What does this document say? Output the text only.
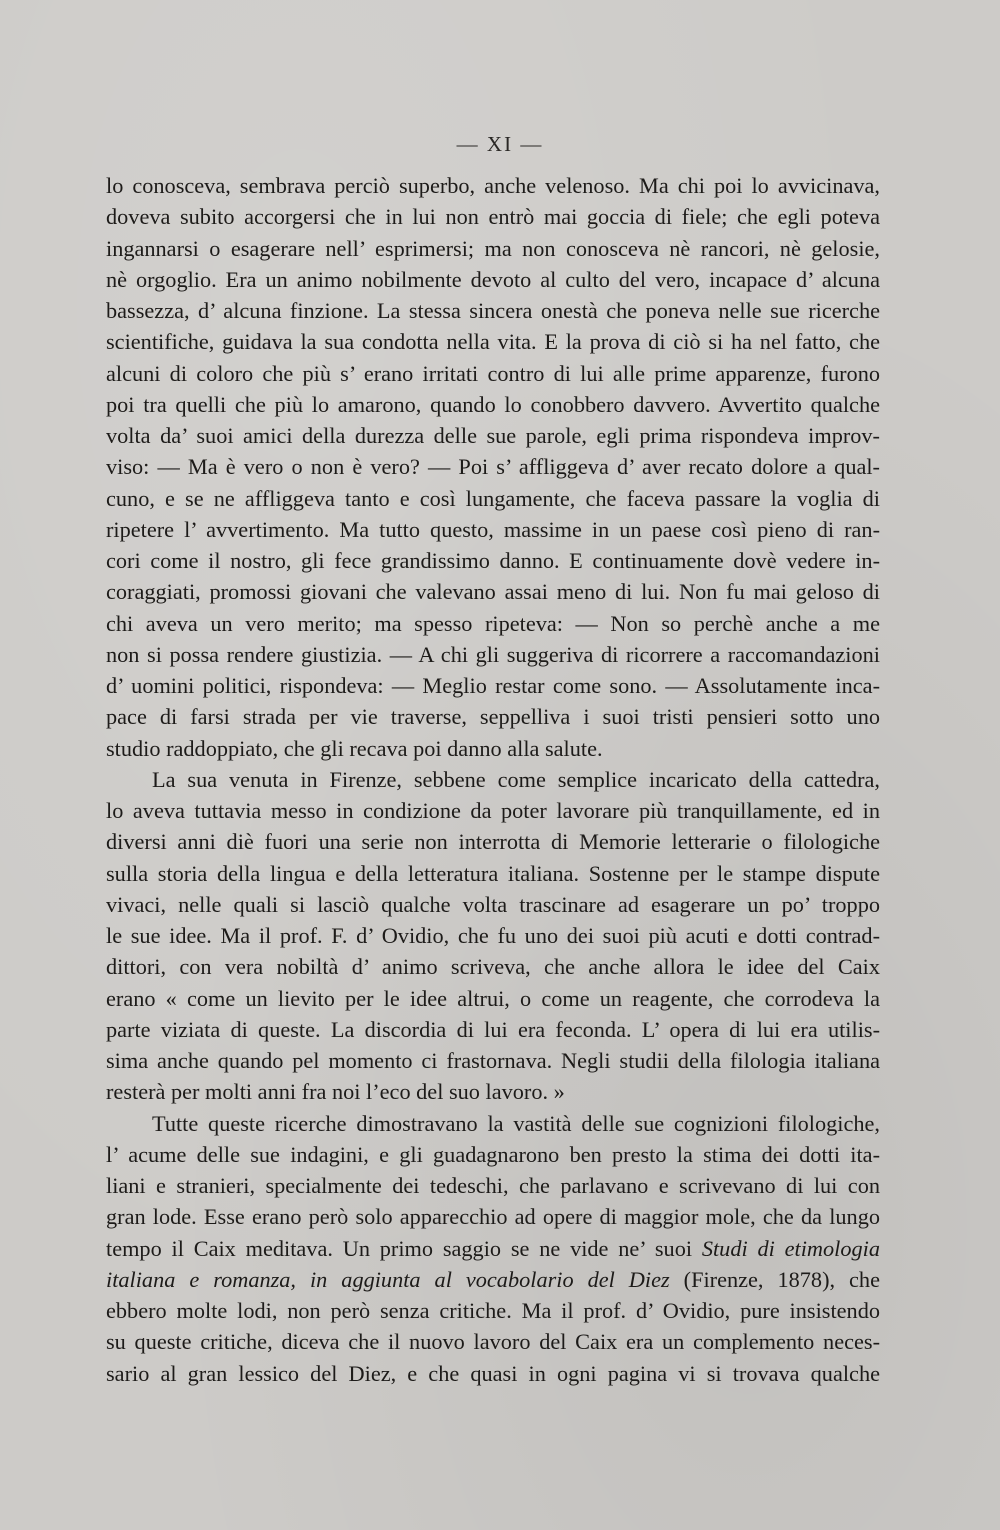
— XI —
lo conosceva, sembrava perciò superbo, anche velenoso. Ma chi poi lo avvicinava,
doveva subito accorgersi che in lui non entrò mai goccia di fiele; che egli poteva
ingannarsi o esagerare nell’ esprimersi; ma non conosceva nè rancori, nè gelosie,
nè orgoglio. Era un animo nobilmente devoto al culto del vero, incapace d’ alcuna
bassezza, d’ alcuna finzione. La stessa sincera onestà che poneva nelle sue ricerche
scientifiche, guidava la sua condotta nella vita. E la prova di ciò si ha nel fatto, che
alcuni di coloro che più s’ erano irritati contro di lui alle prime apparenze, furono
poi tra quelli che più lo amarono, quando lo conobbero davvero. Avvertito qualche
volta da’ suoi amici della durezza delle sue parole, egli prima rispondeva improv-
viso: — Ma è vero o non è vero? — Poi s’ affliggeva d’ aver recato dolore a qual-
cuno, e se ne affliggeva tanto e così lungamente, che faceva passare la voglia di
ripetere l’ avvertimento. Ma tutto questo, massime in un paese così pieno di ran-
cori come il nostro, gli fece grandissimo danno. E continuamente dovè vedere in-
coraggiati, promossi giovani che valevano assai meno di lui. Non fu mai geloso di
chi aveva un vero merito; ma spesso ripeteva: — Non so perchè anche a me
non si possa rendere giustizia. — A chi gli suggeriva di ricorrere a raccomandazioni
d’ uomini politici, rispondeva: — Meglio restar come sono. — Assolutamente inca-
pace di farsi strada per vie traverse, seppelliva i suoi tristi pensieri sotto uno
studio raddoppiato, che gli recava poi danno alla salute.
La sua venuta in Firenze, sebbene come semplice incaricato della cattedra,
lo aveva tuttavia messo in condizione da poter lavorare più tranquillamente, ed in
diversi anni diè fuori una serie non interrotta di Memorie letterarie o filologiche
sulla storia della lingua e della letteratura italiana. Sostenne per le stampe dispute
vivaci, nelle quali si lasciò qualche volta trascinare ad esagerare un po’ troppo
le sue idee. Ma il prof. F. d’ Ovidio, che fu uno dei suoi più acuti e dotti contrad-
dittori, con vera nobiltà d’ animo scriveva, che anche allora le idee del Caix
erano « come un lievito per le idee altrui, o come un reagente, che corrodeva la
parte viziata di queste. La discordia di lui era feconda. L’ opera di lui era utilis-
sima anche quando pel momento ci frastornava. Negli studii della filologia italiana
resterà per molti anni fra noi l’eco del suo lavoro. »
Tutte queste ricerche dimostravano la vastità delle sue cognizioni filologiche,
l’ acume delle sue indagini, e gli guadagnarono ben presto la stima dei dotti ita-
liani e stranieri, specialmente dei tedeschi, che parlavano e scrivevano di lui con
gran lode. Esse erano però solo apparecchio ad opere di maggior mole, che da lungo
tempo il Caix meditava. Un primo saggio se ne vide ne’ suoi Studi di etimologia
italiana e romanza, in aggiunta al vocabolario del Diez (Firenze, 1878), che
ebbero molte lodi, non però senza critiche. Ma il prof. d’ Ovidio, pure insistendo
su queste critiche, diceva che il nuovo lavoro del Caix era un complemento neces-
sario al gran lessico del Diez, e che quasi in ogni pagina vi si trovava qualche
